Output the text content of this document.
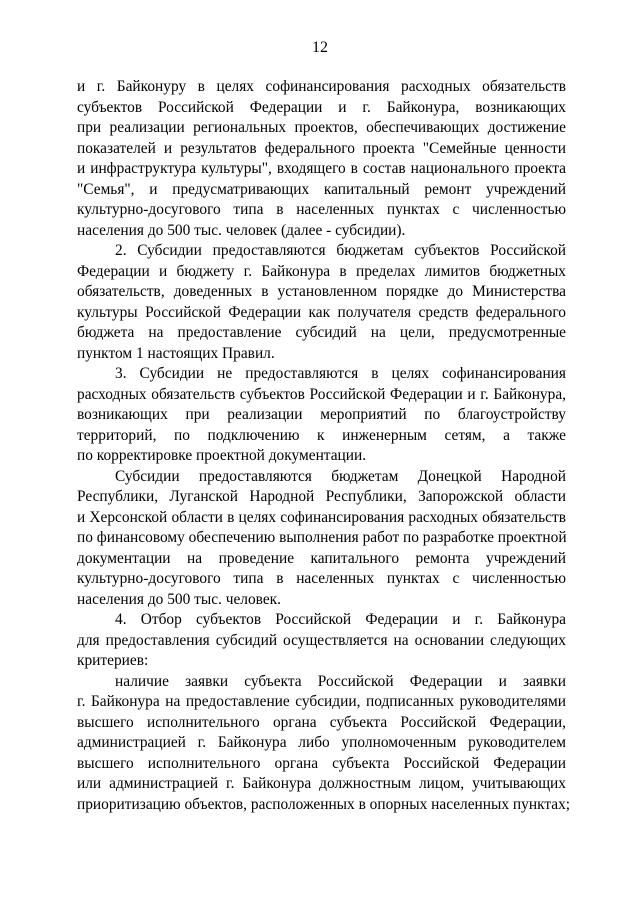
12
и г. Байконуру в целях софинансирования расходных обязательств
субъектов Российской Федерации и г. Байконура, возникающих
при реализации региональных проектов, обеспечивающих достижение
показателей и результатов федерального проекта "Семейные ценности
и инфраструктура культуры", входящего в состав национального проекта
"Семья", и предусматривающих капитальный ремонт учреждений
культурно-досугового типа в населенных пунктах с численностью
населения до 500 тыс. человек (далее - субсидии).
2. Субсидии предоставляются бюджетам субъектов Российской
Федерации и бюджету г. Байконура в пределах лимитов бюджетных
обязательств, доведенных в установленном порядке до Министерства
культуры Российской Федерации как получателя средств федерального
бюджета на предоставление субсидий на цели, предусмотренные
пунктом 1 настоящих Правил.
3. Субсидии не предоставляются в целях софинансирования
расходных обязательств субъектов Российской Федерации и г. Байконура,
возникающих при реализации мероприятий по благоустройству
территорий, по подключению к инженерным сетям, а также
по корректировке проектной документации.
Субсидии предоставляются бюджетам Донецкой Народной
Республики, Луганской Народной Республики, Запорожской области
и Херсонской области в целях софинансирования расходных обязательств
по финансовому обеспечению выполнения работ по разработке проектной
документации на проведение капитального ремонта учреждений
культурно-досугового типа в населенных пунктах с численностью
населения до 500 тыс. человек.
4. Отбор субъектов Российской Федерации и г. Байконура
для предоставления субсидий осуществляется на основании следующих
критериев:
наличие заявки субъекта Российской Федерации и заявки
г. Байконура на предоставление субсидии, подписанных руководителями
высшего исполнительного органа субъекта Российской Федерации,
администрацией г. Байконура либо уполномоченным руководителем
высшего исполнительного органа субъекта Российской Федерации
или администрацией г. Байконура должностным лицом, учитывающих
приоритизацию объектов, расположенных в опорных населенных пунктах;
